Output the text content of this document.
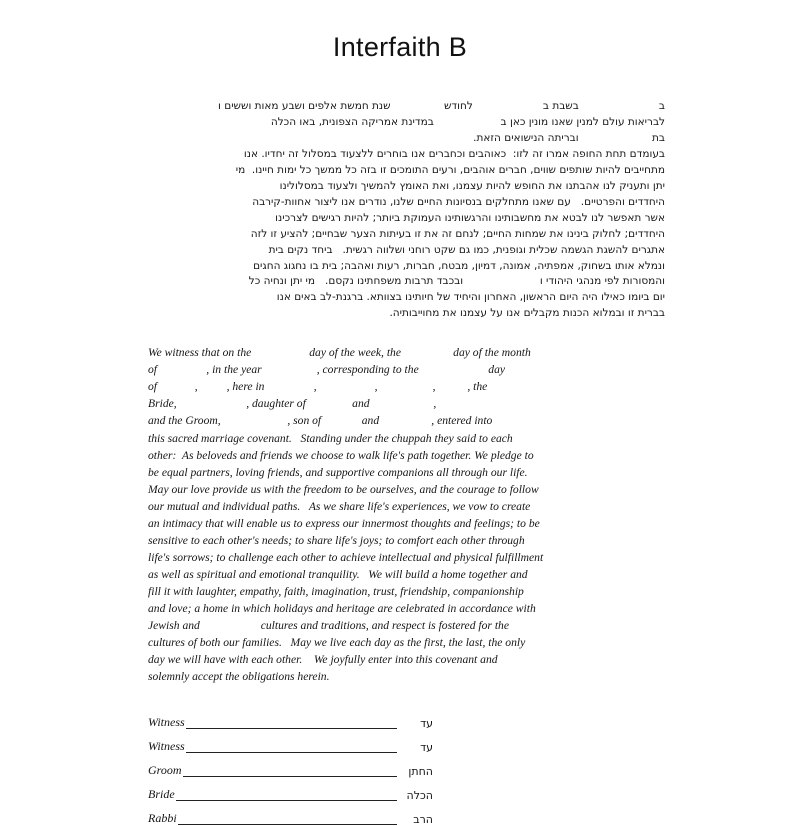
Interfaith B
ב                        בשבת ב                     לחודש                שנת חמשת אלפים ושבע מאות וששים ו
לבריאות עולם למנין שאנו מונין כאן ב                    במדינת אמריקה הצפונית, באו הכלה
בת                      ובריתה הנישואים הזאת.
בעומדם תחת החופה אמרו זה לזו:  כאוהבים וכחברים אנו בוחרים ללצעוד במסלול זה יחדיו. אנו
מתחייבים להיות שותפים שווים, חברים אוהבים, ורעים התומכים זו בזה כל ממשך כל ימות חיינו.  מי
יתן ותעניק לנו אהבתנו את החופש להיות עצמנו, ואת האומץ להמשיך ולצעוד במסלולינו
היחדדים והפרטיים.   עם שאנו מתחלקים בנסיונות החיים שלנו, נודרים אנו ליצור אחוות-קירבה
אשר תאפשר לנו לבטא את מחשבותינו והרגשותינו העמוקת ביותר; להיות רגישים לצרכינו
היחדדים; לחלוק בינינו את שמחות החיים; לנחם זה את זו בעיתות הצער שבחיים; להציע זו לזה
אתגרים להשגת הגשמה שכלית וגופנית, כמו גם שקט רוחני ושלווה רגשית.   ביחד נקים בית
ונמלא אותו בשחוק, אמפתיה, אמונה, דמיון, מבטח, חברות, רעות ואהבה; בית בו נחגוג החגים
והמסורות לפי מנהגי היהודי ו                       ובכבד תרבות משפחתינו נקסם.   מי יתן ונחיה כל
יום ביומו כאילו היה היום הראשון, האחרון והיחיד של חיותינו בצוותא. ברגנת-לב באים אנו
בברית זו ובמלוא הכנות מקבלים אנו על עצמנו את מחוייבותיה.
We witness that on the                    day of the week, the                  day of the month
of                 , in the year                   , corresponding to the                        day
of             ,          , here in                 ,                    ,                   ,           , the
Bride,                        , daughter of                and                      ,
and the Groom,                       , son of              and                  , entered into
this sacred marriage covenant.   Standing under the chuppah they said to each
other:  As beloveds and friends we choose to walk life's path together. We pledge to
be equal partners, loving friends, and supportive companions all through our life.
May our love provide us with the freedom to be ourselves, and the courage to follow
our mutual and individual paths.   As we share life's experiences, we vow to create
an intimacy that will enable us to express our innermost thoughts and feelings; to be
sensitive to each other's needs; to share life's joys; to comfort each other through
life's sorrows; to challenge each other to achieve intellectual and physical fulfillment
as well as spiritual and emotional tranquility.   We will build a home together and
fill it with laughter, empathy, faith, imagination, trust, friendship, companionship
and love; a home in which holidays and heritage are celebrated in accordance with
Jewish and                     cultures and traditions, and respect is fostered for the
cultures of both our families.   May we live each day as the first, the last, the only
day we will have with each other.    We joyfully enter into this covenant and
solemnly accept the obligations herein.
Witness	עד
Witness	עד
Groom	החתן
Bride	הכלה
Rabbi	הרב
